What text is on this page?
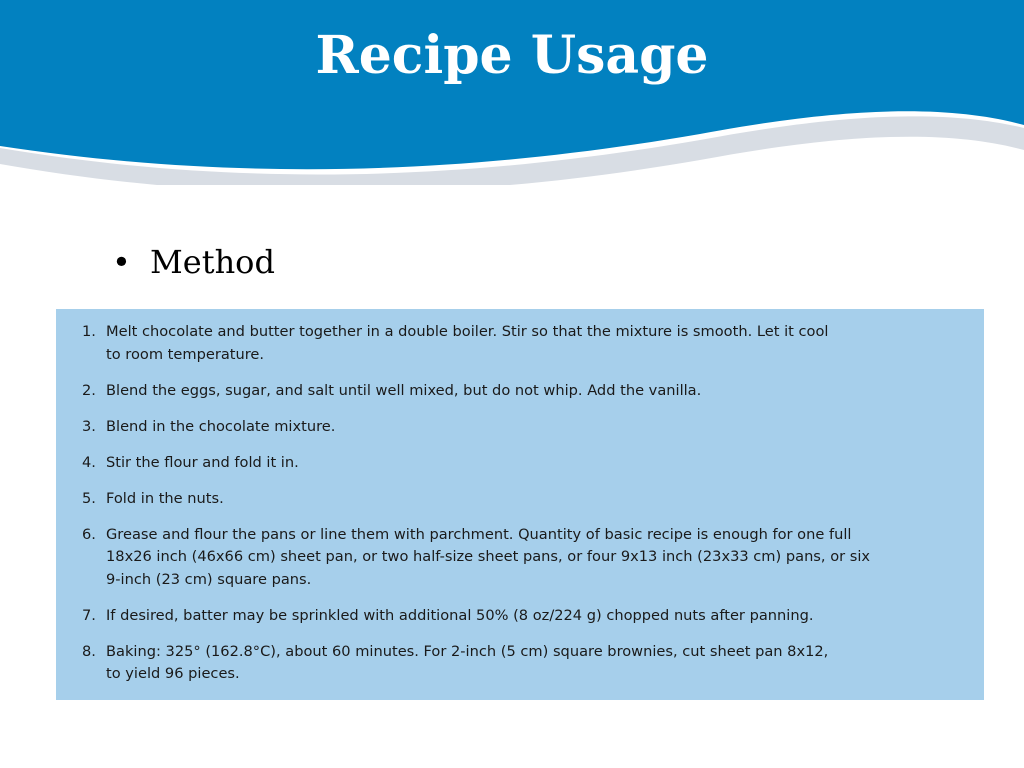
Recipe Usage
• Method
1. Melt chocolate and butter together in a double boiler. Stir so that the mixture is smooth. Let it cool
to room temperature.
2. Blend the eggs, sugar, and salt until well mixed, but do not whip. Add the vanilla.
3. Blend in the chocolate mixture.
4. Stir the flour and fold it in.
5. Fold in the nuts.
6. Grease and flour the pans or line them with parchment. Quantity of basic recipe is enough for one full
18x26 inch (46x66 cm) sheet pan, or two half-size sheet pans, or four 9x13 inch (23x33 cm) pans, or six
9-inch (23 cm) square pans.
7. If desired, batter may be sprinkled with additional 50% (8 oz/224 g) chopped nuts after panning.
8. Baking: 325° (162.8°C), about 60 minutes. For 2-inch (5 cm) square brownies, cut sheet pan 8x12,
to yield 96 pieces.
